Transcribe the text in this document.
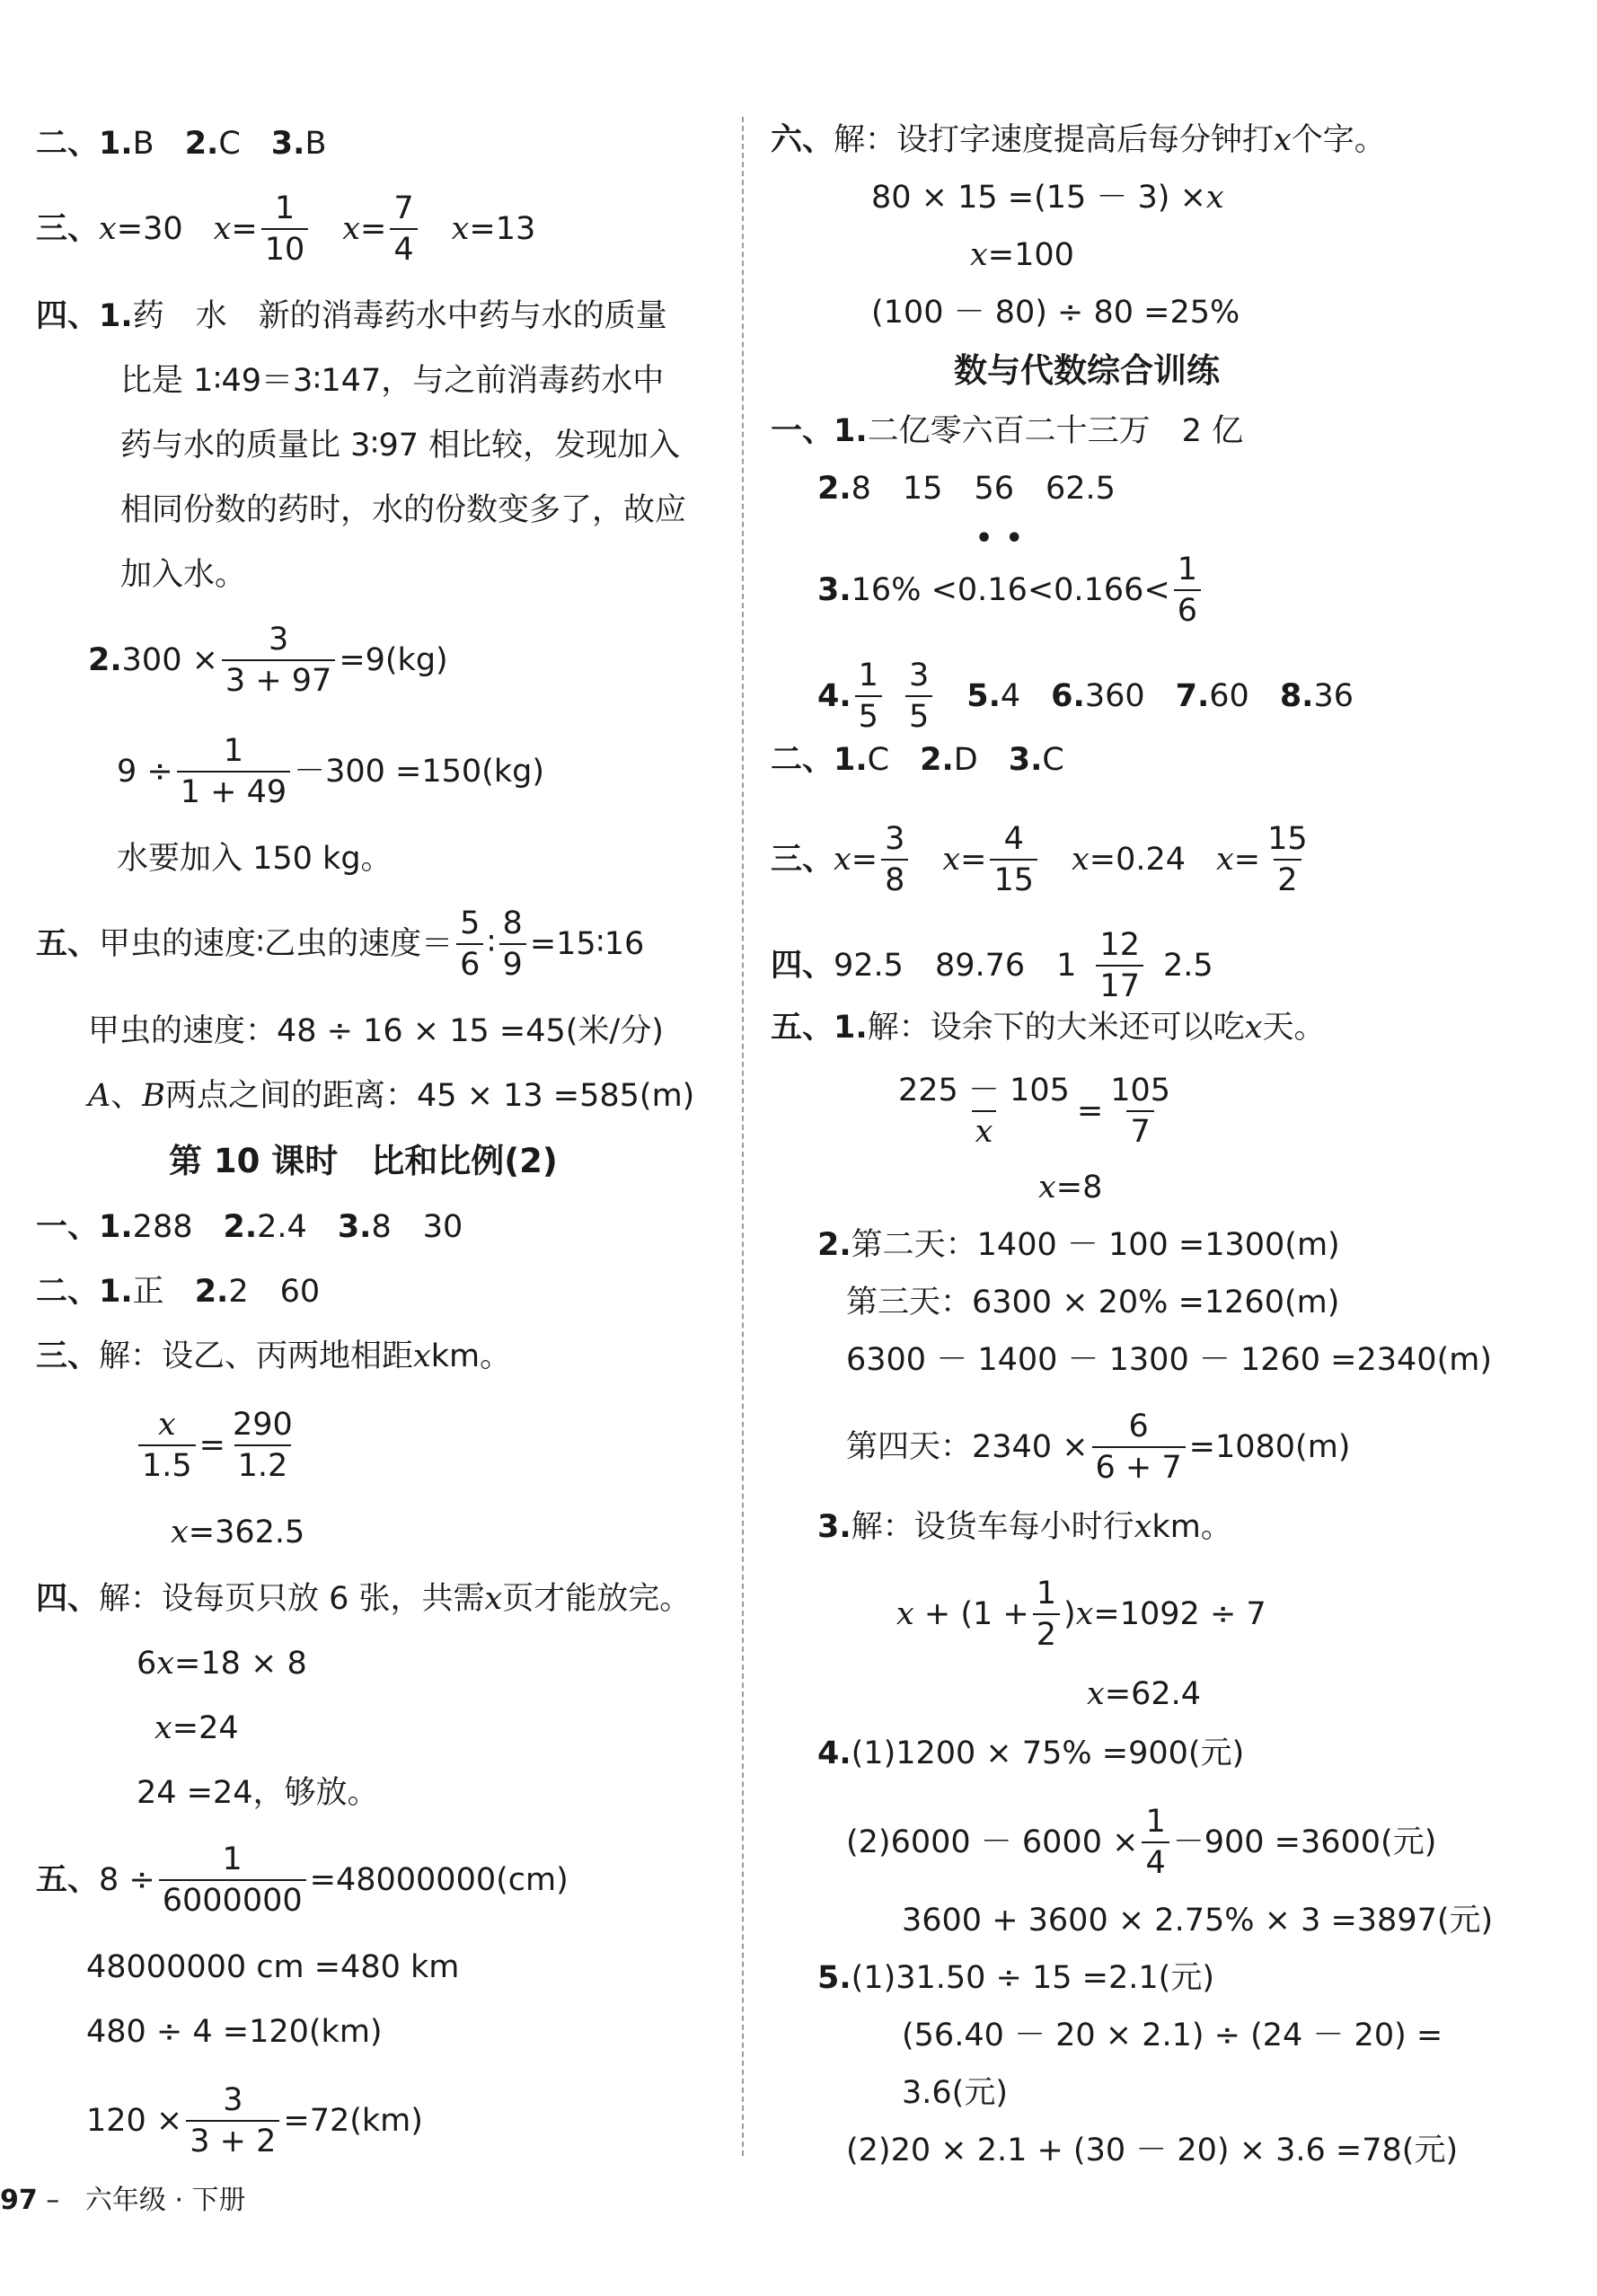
二、 1. B 2. C 3. B
三、 x =30 $x = \frac{1}{10}$ $x = \frac{7}{4}$ x =13
四、 1. 药　水　新的消毒药水中药与水的质量
比是 1∶49＝3∶147，与之前消毒药水中
药与水的质量比 3∶97 相比较，发现加入
相同份数的药时，水的份数变多了，故应
加入水。
2. $300 \times \frac{3}{3 + 97} =9(kg)$
$9 \div \frac{1}{1 + 49} -300 =150(kg)$
水要加入 150 kg。
五、 甲虫的速度∶乙虫的速度＝ $\frac{5}{6}$ ∶ $\frac{8}{9}$ =15∶16
甲虫的速度：48 ÷ 16 × 15 =45(米/分)
A 、 B 两点之间的距离：45 × 13 =585(m)
第 10 课时　比和比例(2)
一、 1. 288 2. 2.4 3. 8　30
二、 1. 正 2. 2　60
三、 解：设乙、丙两地相距 x km。
$\frac{x}{1.5} = \frac{290}{1.2}$
x =362.5
四、 解：设每页只放 6 张，共需 x 页才能放完。
6 x =18 × 8
x =24
24 =24，够放。
五、 $8 \div \frac{1}{6000000} =48000000(cm)$
48000000 cm =480 km
480 ÷ 4 =120(km)
$120 \times \frac{3}{3 + 2} =72(km)$
六、 解：设打字速度提高后每分钟打 x 个字。
80 × 15 =(15 － 3) × x
x =100
(100 － 80) ÷ 80 =25%
数与代数综合训练
一、 1. 二亿零六百二十三万　2 亿
2. 8　15　56　62.5
• •
3. $16\% <0.16<0.166< \frac{1}{6}$
4. $\frac{1}{5} \frac{3}{5} 5$. 4 6. 360 7. 60 8. 36
二、 1. C 2. D 3. C
三、 $x = \frac{3}{8}$ $x = \frac{4}{15}$ x =0.24 $x = \frac{15}{2}$
四、 92.5　89.76　$1 \frac{12}{17} 2.5$
五、 1. 解：设余下的大米还可以吃 x 天。
$\frac{225 - 105}{x} = \frac{105}{7}$
x =8
2. 第二天：1400 － 100 =1300(m)
第三天：6300 × 20% =1260(m)
6300 － 1400 － 1300 － 1260 =2340(m)
第四天：$2340 \times \frac{6}{6 + 7} =1080(m)$
3. 解：设货车每小时行 x km。
x
+
($1 + \frac{1}{2}$ ) x =1092 ÷ 7
x =62.4
4. (1)1200 × 75% =900(元)
$(2)6000 - 6000 \times \frac{1}{4} -900 =3600$(元)
3600 + 3600 × 2.75% × 3 =3897(元)
5. (1)31.50 ÷ 15 =2.1(元)
(56.40 － 20 × 2.1) ÷ (24 － 20) =
3.6(元)
(2)20 × 2.1 + (30 － 20) × 3.6 =78(元)
97 – 六年级 · 下册
